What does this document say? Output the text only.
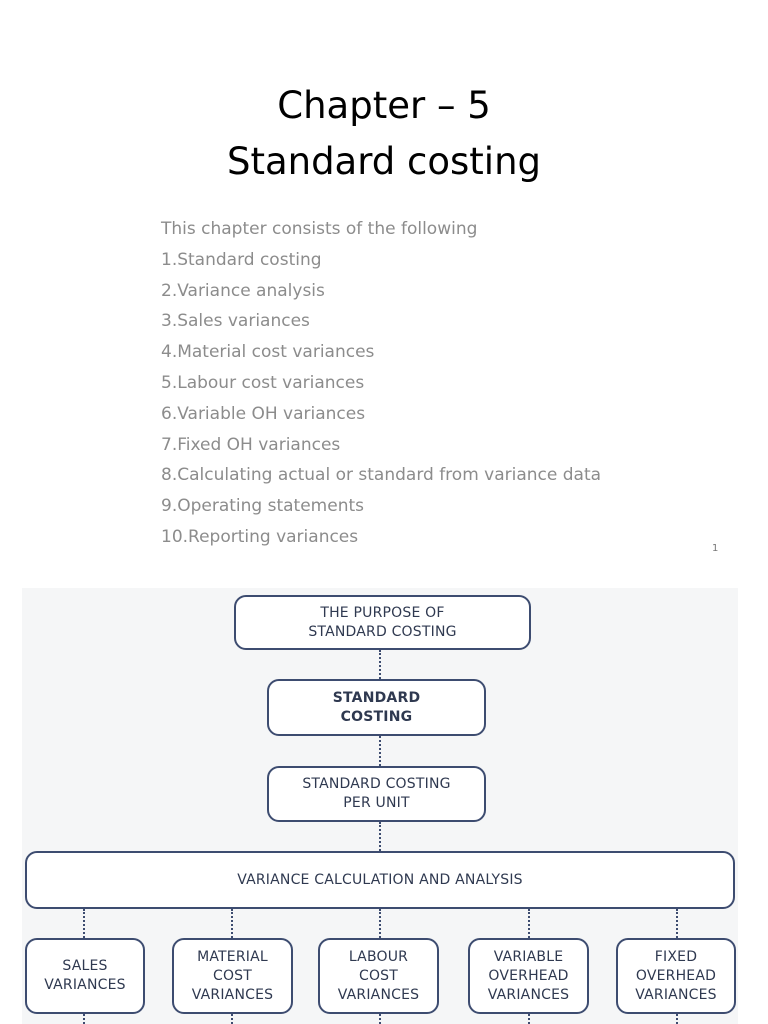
Chapter – 5
Standard costing
This chapter consists of the following
1.Standard costing
2.Variance analysis
3.Sales variances
4.Material cost variances
5.Labour cost variances
6.Variable OH variances
7.Fixed OH variances
8.Calculating actual or standard from variance data
9.Operating statements
10.Reporting variances
1
THE PURPOSE OF
STANDARD COSTING
STANDARD
COSTING
STANDARD COSTING
PER UNIT
VARIANCE CALCULATION AND ANALYSIS
SALES
VARIANCES
MATERIAL
COST
VARIANCES
LABOUR
COST
VARIANCES
VARIABLE
OVERHEAD
VARIANCES
FIXED
OVERHEAD
VARIANCES
